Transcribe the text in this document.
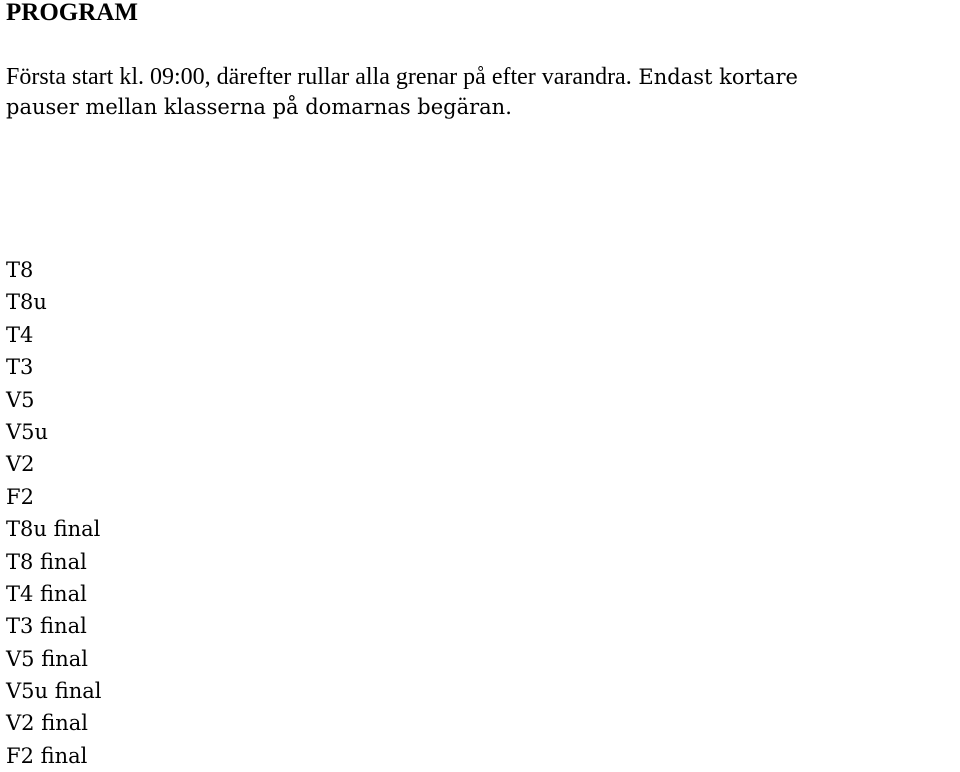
PROGRAM

Första start kl. 09:00, därefter rullar alla grenar på efter varandra. Endast kortare
pauser mellan klasserna på domarnas begäran.

T8
T8u
T4
T3
V5
V5u
V2
F2
T8u final
T8 final
T4 final
T3 final
V5 final
V5u final
V2 final
F2 final
